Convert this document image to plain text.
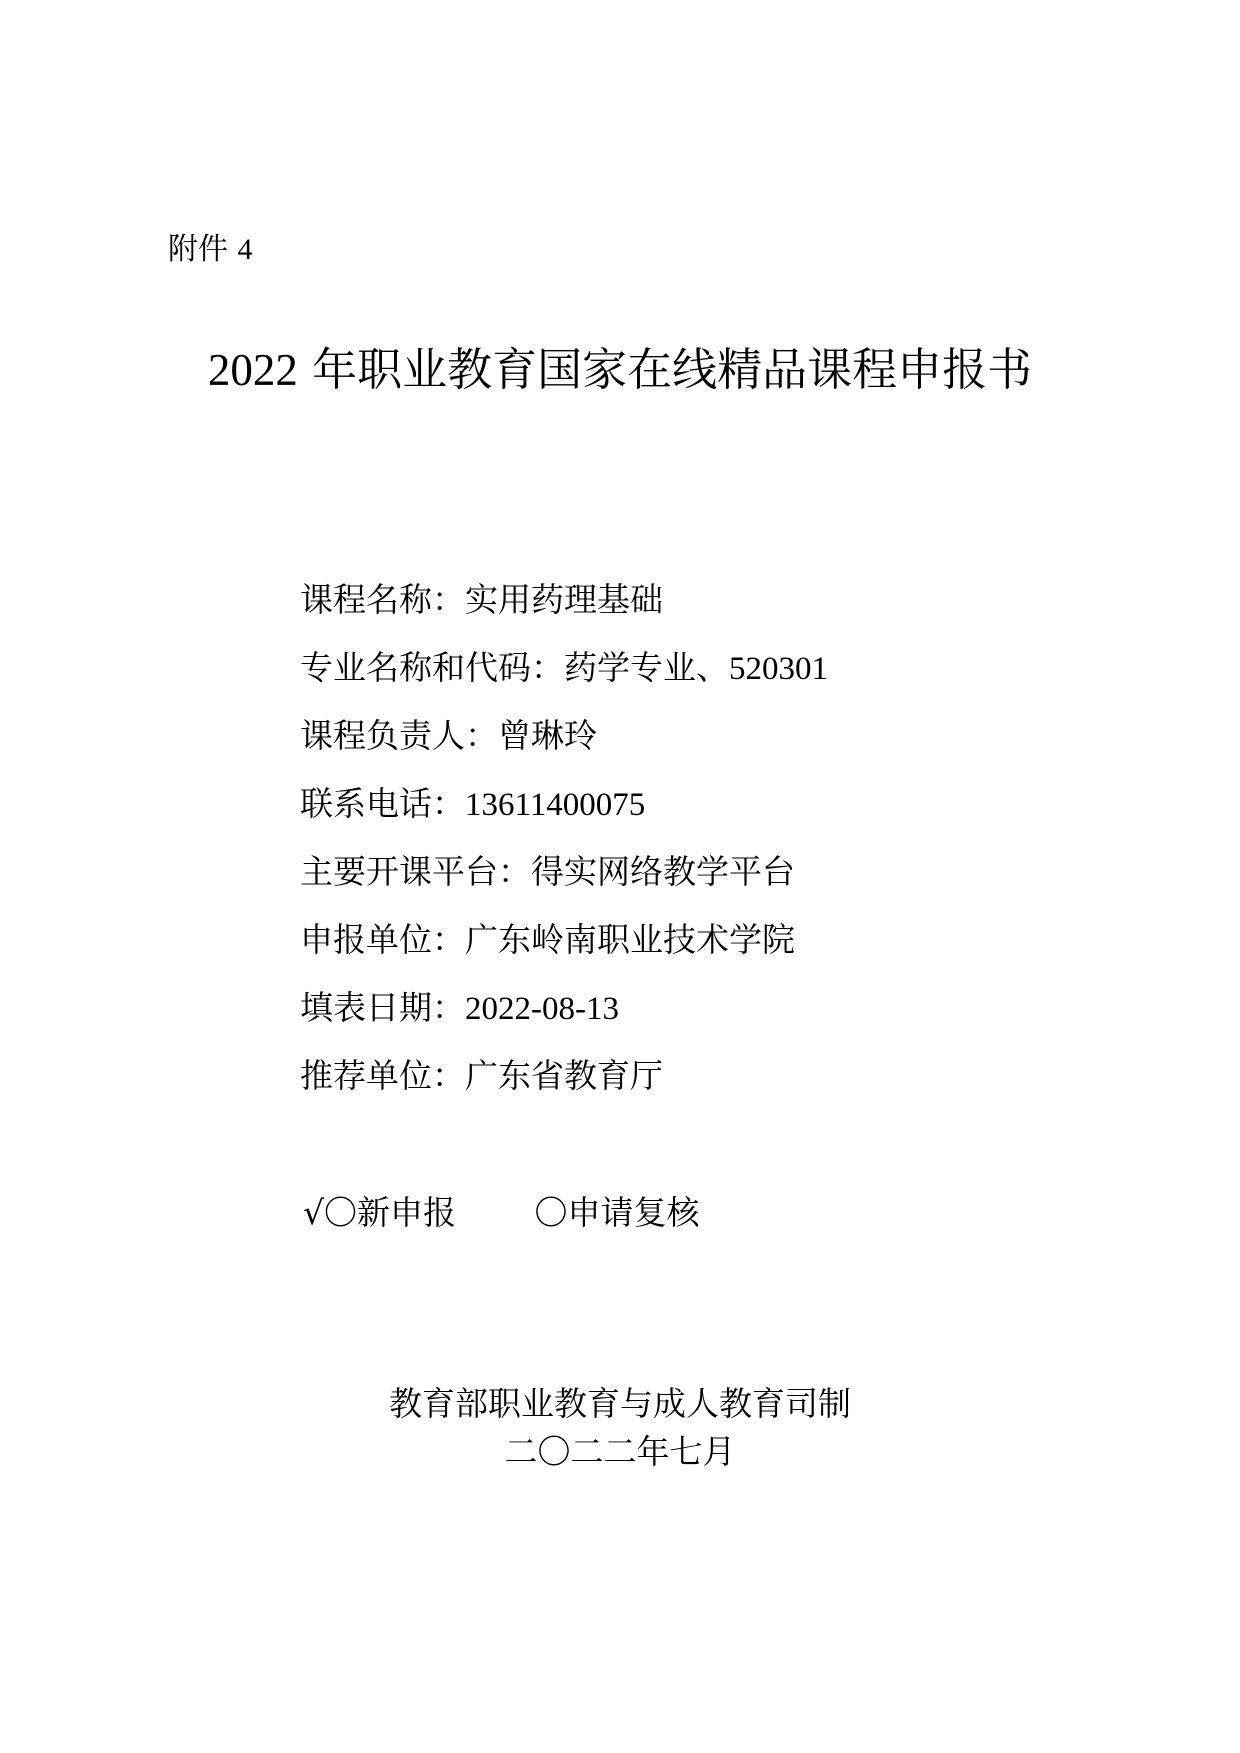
附件 4
2022 年职业教育国家在线精品课程申报书
课程名称：实用药理基础
专业名称和代码：药学专业、520301
课程负责人：曾琳玲
联系电话：13611400075
主要开课平台：得实网络教学平台
申报单位：广东岭南职业技术学院
填表日期：2022-08-13
推荐单位：广东省教育厅
√〇新申报 〇申请复核
教育部职业教育与成人教育司制
二〇二二年七月
